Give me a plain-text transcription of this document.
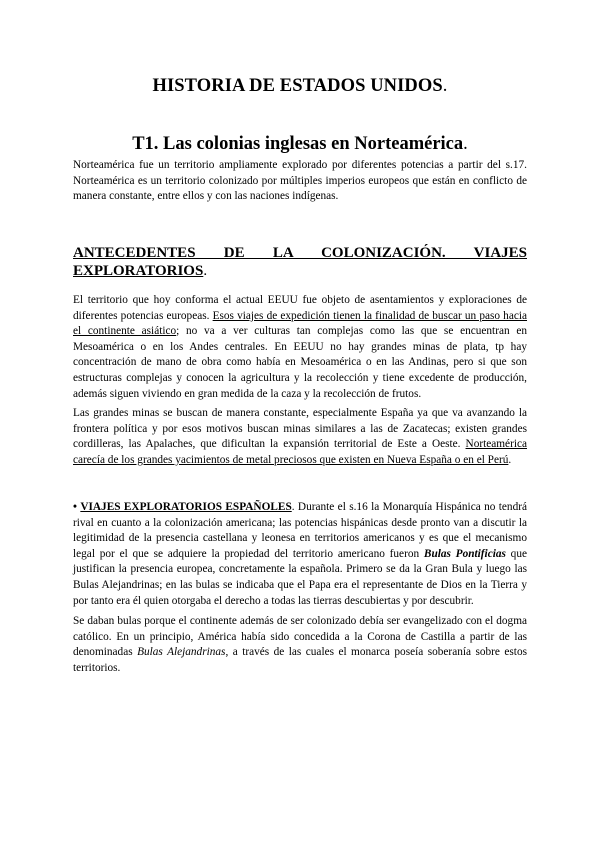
HISTORIA DE ESTADOS UNIDOS.
T1. Las colonias inglesas en Norteamérica.

Norteamérica fue un territorio ampliamente explorado por diferentes potencias a partir del s.17. Norteamérica es un territorio colonizado por múltiples imperios europeos que están en conflicto de manera constante, entre ellos y con las naciones indígenas.

ANTECEDENTES DE LA COLONIZACIÓN. VIAJES EXPLORATORIOS.

El territorio que hoy conforma el actual EEUU fue objeto de asentamientos y exploraciones de diferentes potencias europeas. Esos viajes de expedición tienen la finalidad de buscar un paso hacia el continente asiático; no va a ver culturas tan complejas como las que se encuentran en Mesoamérica o en los Andes centrales. En EEUU no hay grandes minas de plata, tp hay concentración de mano de obra como había en Mesoamérica o en las Andinas, pero si que son estructuras complejas y conocen la agricultura y la recolección y tiene excedente de producción, además siguen viviendo en gran medida de la caza y la recolección de frutos.

Las grandes minas se buscan de manera constante, especialmente España ya que va avanzando la frontera política y por esos motivos buscan minas similares a las de Zacatecas; existen grandes cordilleras, las Apalaches, que dificultan la expansión territorial de Este a Oeste. Norteamérica carecía de los grandes yacimientos de metal preciosos que existen en Nueva España o en el Perú.

• VIAJES EXPLORATORIOS ESPAÑOLES. Durante el s.16 la Monarquía Hispánica no tendrá rival en cuanto a la colonización americana; las potencias hispánicas desde pronto van a discutir la legitimidad de la presencia castellana y leonesa en territorios americanos y es que el mecanismo legal por el que se adquiere la propiedad del territorio americano fueron Bulas Pontificias que justifican la presencia europea, concretamente la española. Primero se da la Gran Bula y luego las Bulas Alejandrinas; en las bulas se indicaba que el Papa era el representante de Dios en la Tierra y por tanto era él quien otorgaba el derecho a todas las tierras descubiertas y por descubrir.

Se daban bulas porque el continente además de ser colonizado debía ser evangelizado con el dogma católico. En un principio, América había sido concedida a la Corona de Castilla a partir de las denominadas Bulas Alejandrinas, a través de las cuales el monarca poseía soberanía sobre estos territorios.
